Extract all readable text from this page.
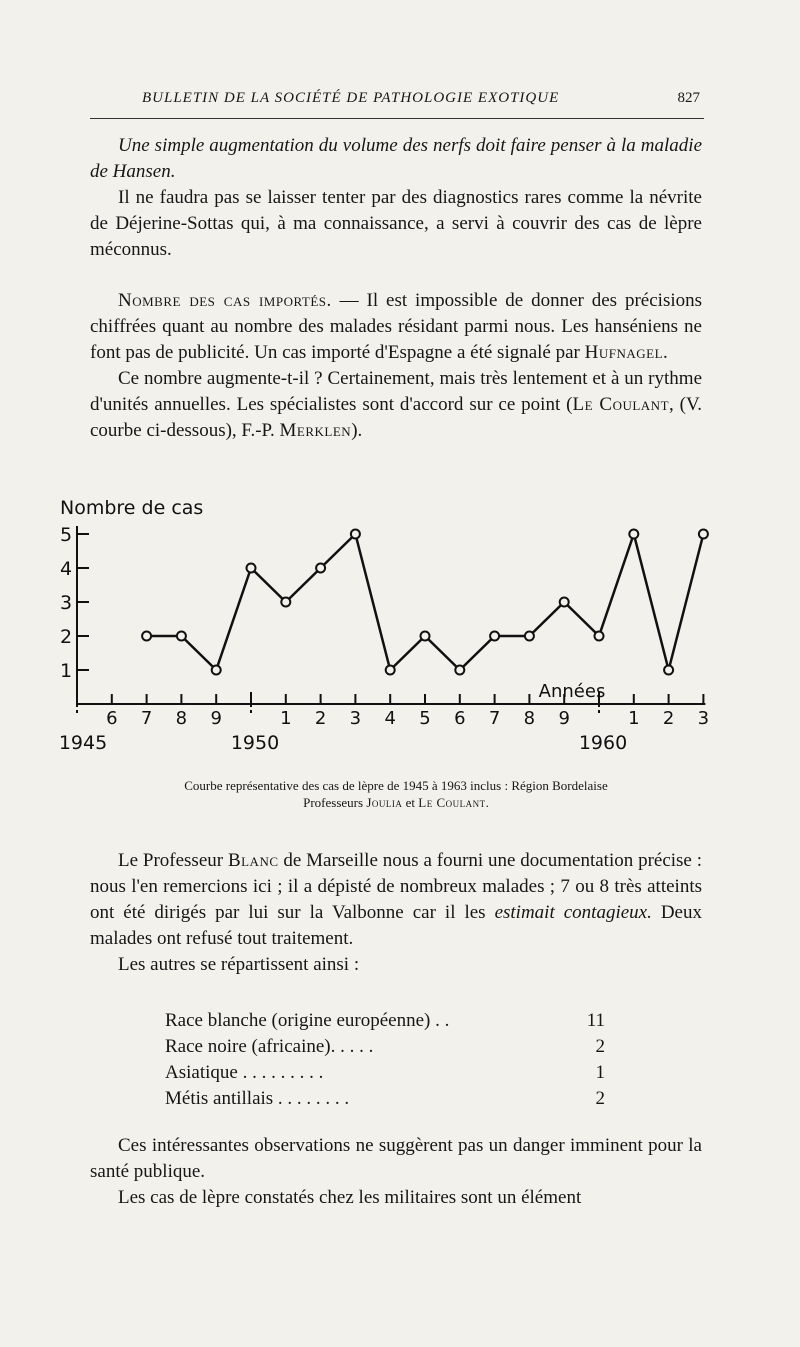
BULLETIN DE LA SOCIÉTÉ DE PATHOLOGIE EXOTIQUE	827

Une simple augmentation du volume des nerfs doit faire penser à la maladie de Hansen.

Il ne faudra pas se laisser tenter par des diagnostics rares comme la névrite de Déjerine-Sottas qui, à ma connaissance, a servi à couvrir des cas de lèpre méconnus.

Nombre des cas importés. — Il est impossible de donner des précisions chiffrées quant au nombre des malades résidant parmi nous. Les hanséniens ne font pas de publicité. Un cas importé d'Espagne a été signalé par Hufnagel.

Ce nombre augmente-t-il ? Certainement, mais très lentement et à un rythme d'unités annuelles. Les spécialistes sont d'accord sur ce point (Le Coulant, (V. courbe ci-dessous), F.-P. Merklen).

Nombre de cas
1
2
3
4
5
6 7 8 9	1 2 3 4 5 6 7 8 9	1 2 3
1945	1950	1960
Années
Courbe représentative des cas de lèpre de 1945 à 1963 inclus : Région Bordelaise
Professeurs Joulia et Le Coulant.

Le Professeur Blanc de Marseille nous a fourni une documentation précise : nous l'en remercions ici ; il a dépisté de nombreux malades ; 7 ou 8 très atteints ont été dirigés par lui sur la Valbonne car il les estimait contagieux. Deux malades ont refusé tout traitement.

Les autres se répartissent ainsi :

Race blanche (origine européenne) . .	11
Race noire (africaine). . . . .	2
Asiatique . . . . . . . . .	1
Métis antillais . . . . . . . .	2

Ces intéressantes observations ne suggèrent pas un danger imminent pour la santé publique.

Les cas de lèpre constatés chez les militaires sont un élément
